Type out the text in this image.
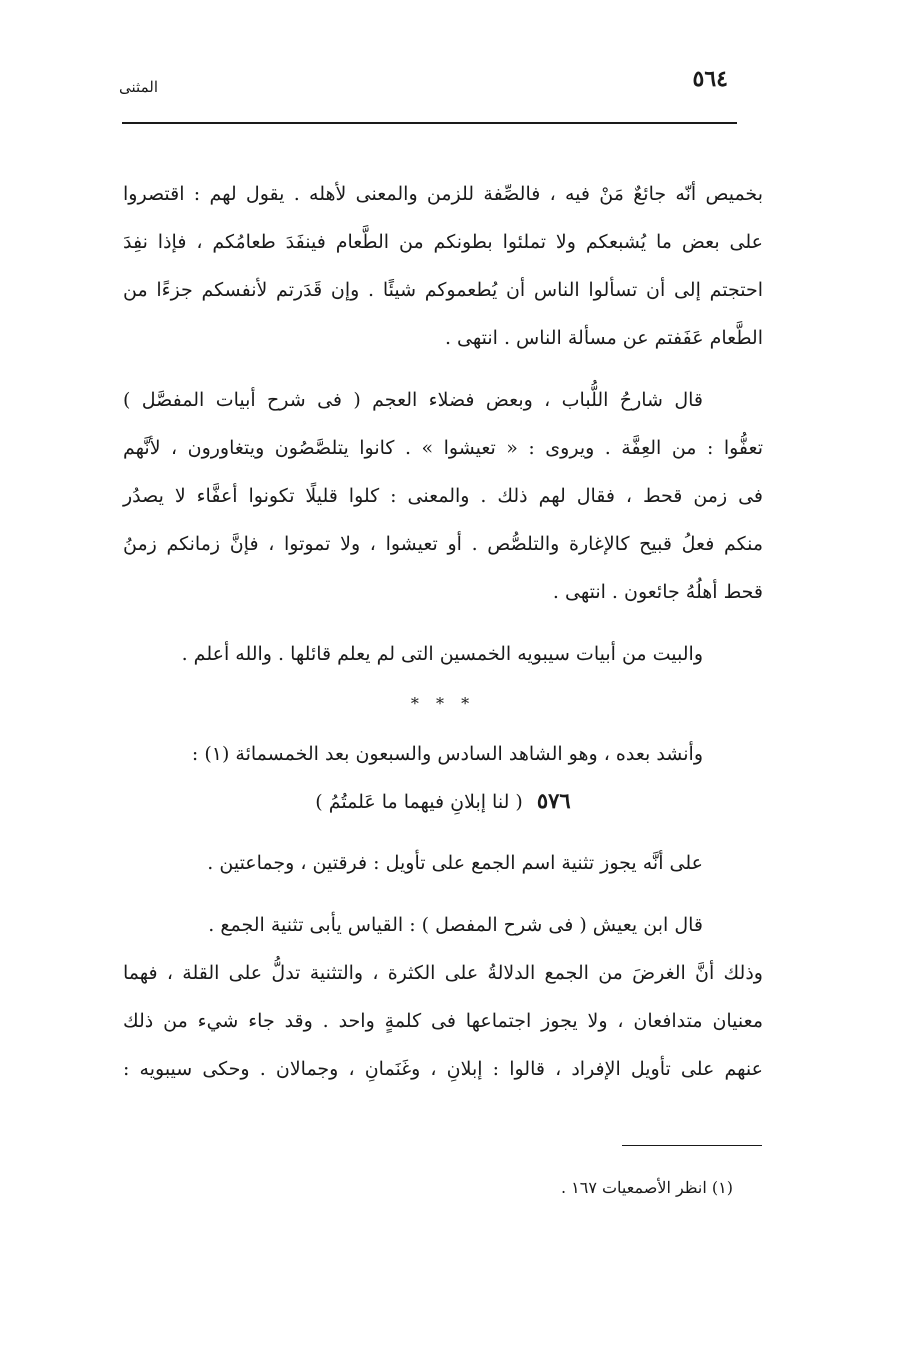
المثنى	٥٦٤

بخميص أنّه جائعٌ مَنْ فيه ، فالصِّفة للزمن والمعنى لأهله . يقول لهم : اقتصروا
على بعض ما يُشبعكم ولا تملئوا بطونكم من الطَّعام فينفَدَ طعامُكم ، فإذا نفِدَ
احتجتم إلى أن تسألوا الناس أن يُطعموكم شيئًا . وإن قَدَرتم لأنفسكم جزءًا من
الطَّعام عَفَفتم عن مسألة الناس . انتهى .

قال شارحُ اللُّباب ، وبعض فضلاء العجم ( فى شرح أبيات المفصَّل )
تعفُّوا : من العِفَّة . ويروى : « تعيشوا » . كانوا يتلصَّصُون ويتغاورون ، لأنَّهم
فى زمن قحط ، فقال لهم ذلك . والمعنى : كلوا قليلًا تكونوا أعفَّاء لا يصدُر
منكم فعلُ قبيح كالإغارة والتلصُّص . أو تعيشوا ، ولا تموتوا ، فإنَّ زمانكم زمنُ
قحط أهلُهُ جائعون . انتهى .

والبيت من أبيات سيبويه الخمسين التى لم يعلم قائلها . والله أعلم .

* * *

وأنشد بعده ، وهو الشاهد السادس والسبعون بعد الخمسمائة (١) :

٥٧٦ ( لنا إبلانِ فيهما ما عَلمتُمُ )

على أنَّه يجوز تثنية اسم الجمع على تأويل : فرقتين ، وجماعتين .

قال ابن يعيش ( فى شرح المفصل ) : القياس يأبى تثنية الجمع .
وذلك أنَّ الغرضَ من الجمع الدلالةُ على الكثرة ، والتثنية تدلُّ على القلة ، فهما
معنيان متدافعان ، ولا يجوز اجتماعها فى كلمةٍ واحد . وقد جاء شيء من ذلك
عنهم على تأويل الإفراد ، قالوا : إبلانِ ، وغَنَمانِ ، وجمالان . وحكى سيبويه :

(١) انظر الأصمعيات ١٦٧ .
